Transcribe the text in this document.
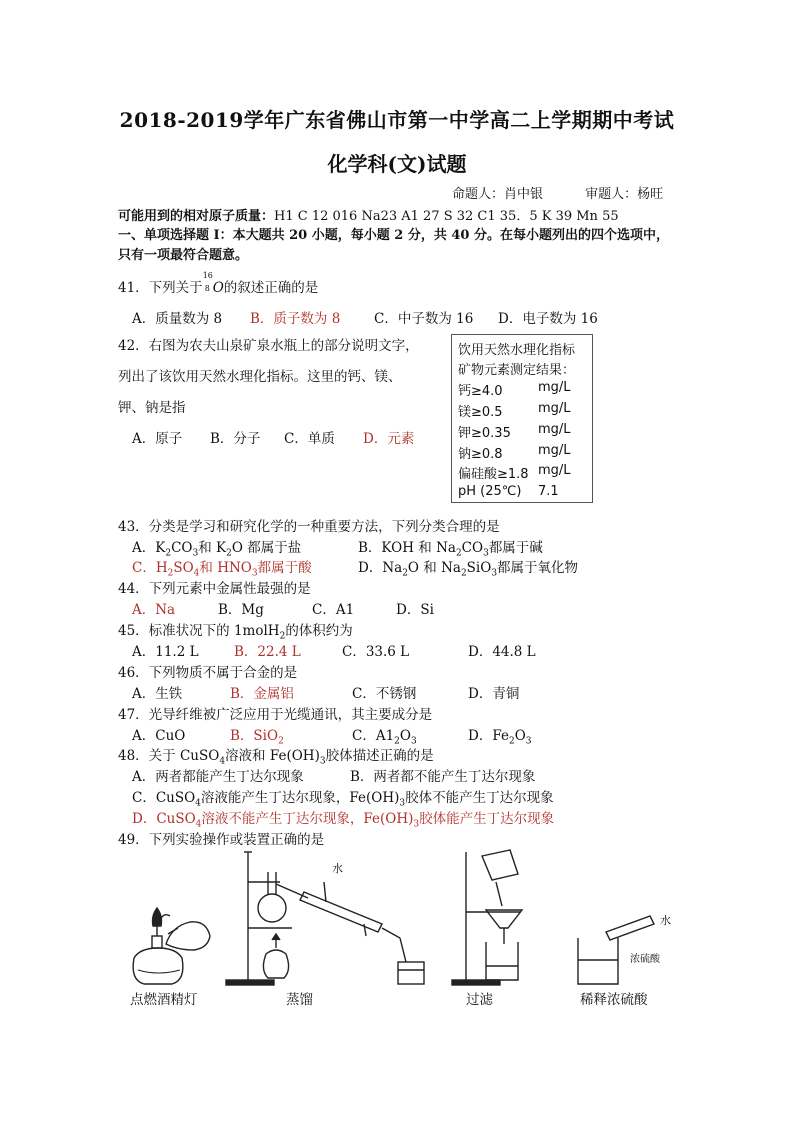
2018-2019学年广东省佛山市第一中学高二上学期期中考试
化学科(文)试题
命题人：肖中银	审题人：杨旺
可能用到的相对原子质量：H1 C 12 016 Na23 A1 27 S 32 C1 35．5 K 39 Mn 55
一、单项选择题 I：本大题共 20 小题，每小题 2 分，共 40 分。在每小题列出的四个选项中，
只有一项最符合题意。
41．下列关于
16
8 O的叙述正确的是
A．质量数为 8 B．质子数为 8 C．中子数为 16 D．电子数为 16
42．右图为农夫山泉矿泉水瓶上的部分说明文字，
列出了该饮用天然水理化指标。这里的钙、镁、
钾、钠是指
A．原子 B．分子 C．单质 D．元素
饮用天然水理化指标
矿物元素测定结果：
钙≥4.0	mg/L
镁≥0.5	mg/L
钾≥0.35 mg/L
钠≥0.8	mg/L
偏硅酸≥1.8 mg/L
pH (25℃) 7.1
43．分类是学习和研究化学的一种重要方法，下列分类合理的是
A．$K_2CO_3$和 $K_2O$ 都属于盐	B．KOH 和 $Na_2CO_3$都属于碱
C．$H_2SO_4$和 $HNO_3$都属于酸	D．$Na_2O$ 和 $Na_2SiO_3$都属于氧化物
44．下列元素中金属性最强的是
A．Na	B．Mg	C．A1	D．Si
45．标准状况下的 1molH$_2$的体积约为
A．11.2 L	B．22.4 L	C．33.6 L	D．44.8 L
46．下列物质不属于合金的是
A．生铁	B．金属铝	C．不锈钢	D．青铜
47．光导纤维被广泛应用于光缆通讯，其主要成分是
A．CuO	B．SiO$_2$	C．$A1_2O_3$	D．$Fe_2O_3$
48．关于 CuSO$_4$溶液和 $Fe(OH)_3$胶体描述正确的是
A．两者都能产生丁达尔现象	B．两者都不能产生丁达尔现象
C．CuSO$_4$溶液能产生丁达尔现象，$Fe(OH)_3$胶体不能产生丁达尔现象
D．CuSO$_4$溶液不能产生丁达尔现象，$Fe(OH)_3$胶体能产生丁达尔现象
49．下列实验操作或装置正确的是
水
水
浓硫酸
点燃酒精灯	蒸馏	过滤	稀释浓硫酸
